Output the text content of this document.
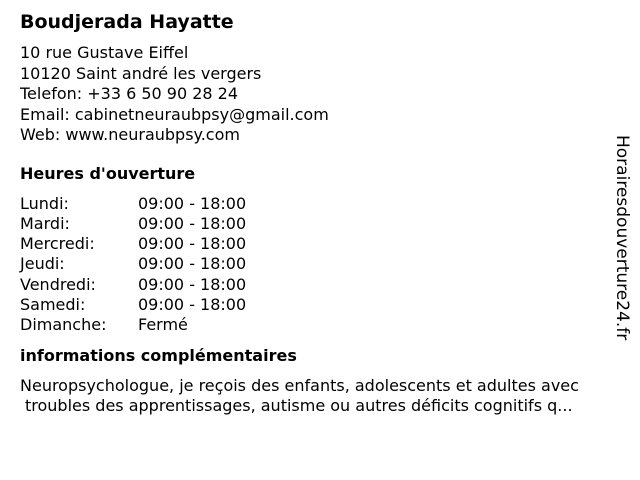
Boudjerada Hayatte
10 rue Gustave Eiffel
10120 Saint andré les vergers
Telefon: +33 6 50 90 28 24
Email: cabinetneuraubpsy@gmail.com
Web: www.neuraubpsy.com
Heures d'ouverture
Lundi:	09:00 - 18:00
Mardi:	09:00 - 18:00
Mercredi:	09:00 - 18:00
Jeudi:	09:00 - 18:00
Vendredi:	09:00 - 18:00
Samedi:	09:00 - 18:00
Dimanche: Fermé
informations complémentaires
Neuropsychologue, je reçois des enfants, adolescents et adultes avec
troubles des apprentissages, autisme ou autres déficits cognitifs q...
Horairesdouverture24.fr
